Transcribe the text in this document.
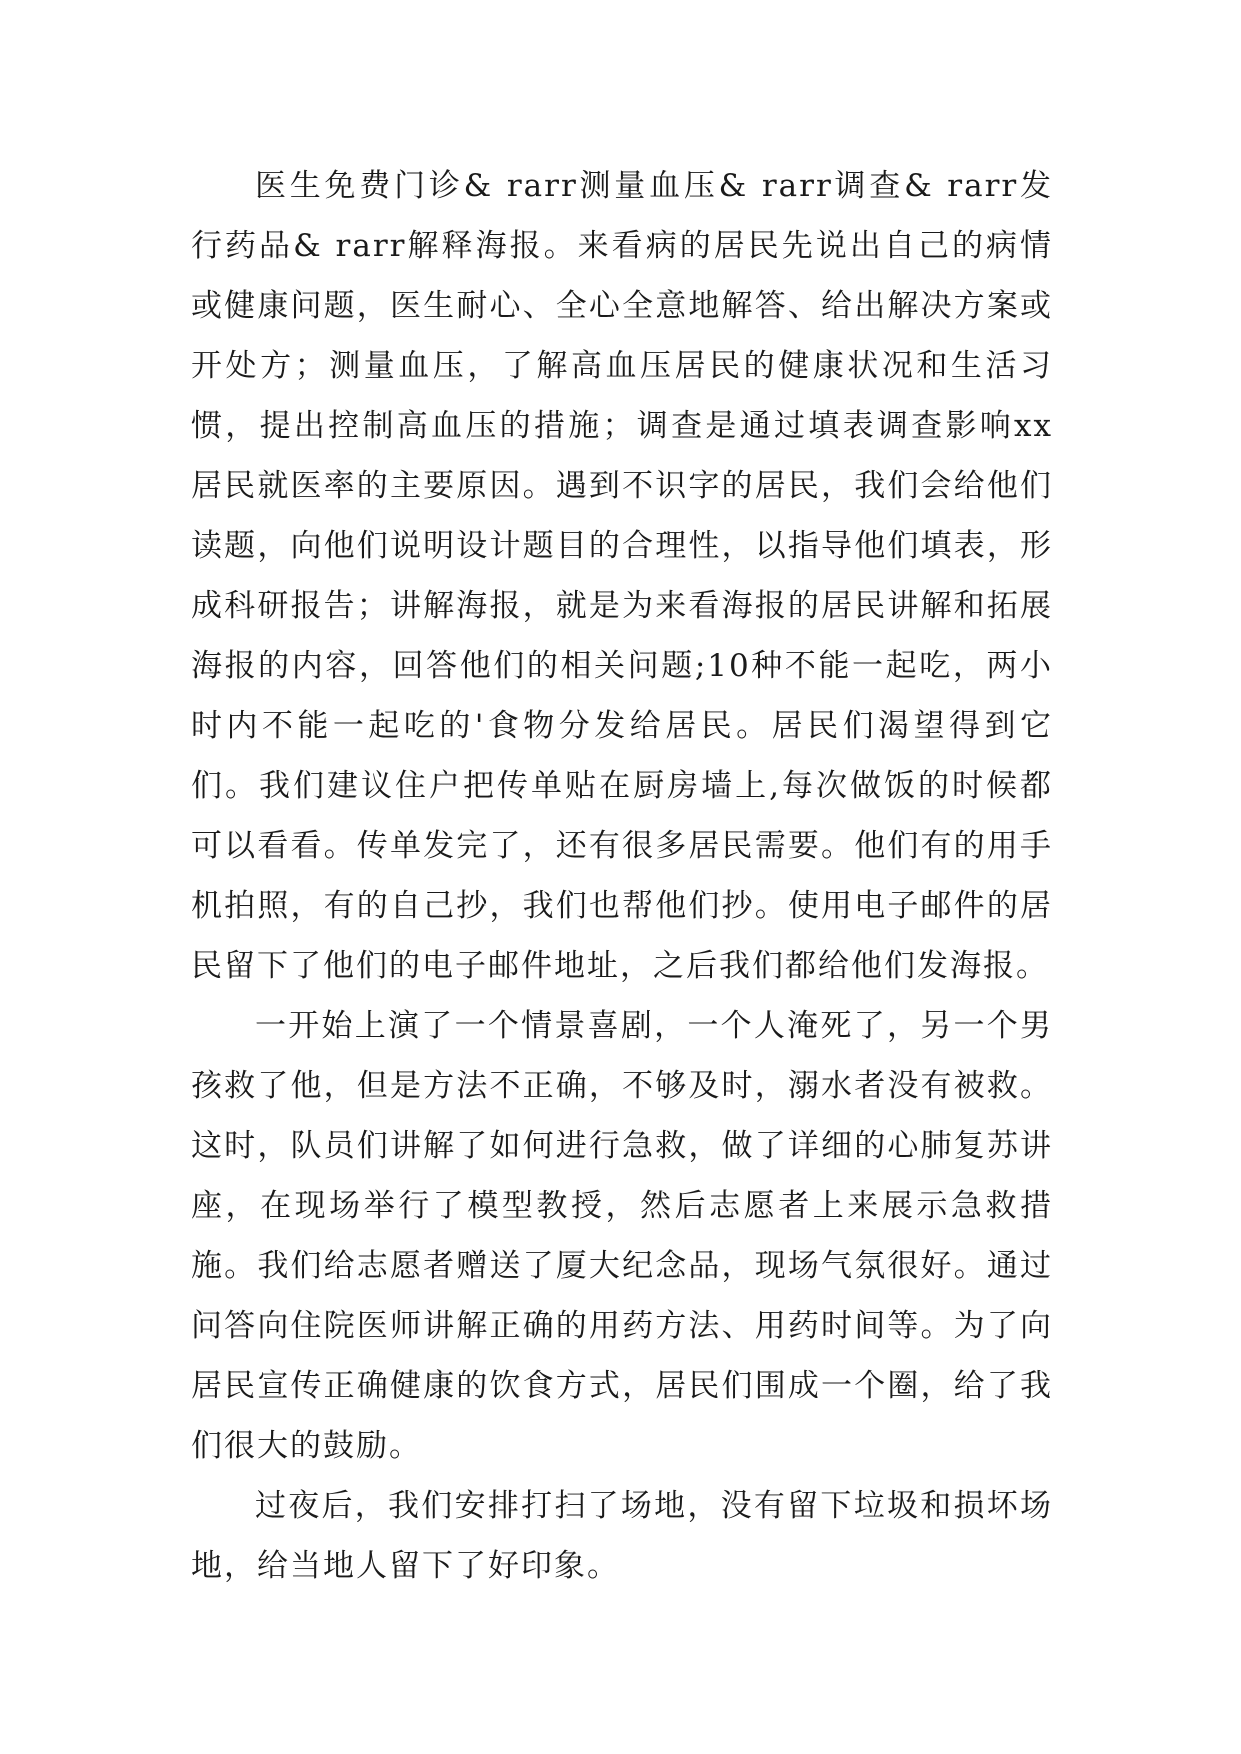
医生免费门诊& rarr测量血压& rarr调查& rarr发行药品& rarr解释海报。来看病的居民先说出自己的病情或健康问题，医生耐心、全心全意地解答、给出解决方案或开处方；测量血压，了解高血压居民的健康状况和生活习惯，提出控制高血压的措施；调查是通过填表调查影响xx居民就医率的主要原因。遇到不识字的居民，我们会给他们读题，向他们说明设计题目的合理性，以指导他们填表，形成科研报告；讲解海报，就是为来看海报的居民讲解和拓展海报的内容，回答他们的相关问题;10种不能一起吃，两小时内不能一起吃的'食物分发给居民。居民们渴望得到它们。我们建议住户把传单贴在厨房墙上,每次做饭的时候都可以看看。传单发完了，还有很多居民需要。他们有的用手机拍照，有的自己抄，我们也帮他们抄。使用电子邮件的居民留下了他们的电子邮件地址，之后我们都给他们发海报。

一开始上演了一个情景喜剧，一个人淹死了，另一个男孩救了他，但是方法不正确，不够及时，溺水者没有被救。这时，队员们讲解了如何进行急救，做了详细的心肺复苏讲座，在现场举行了模型教授，然后志愿者上来展示急救措施。我们给志愿者赠送了厦大纪念品，现场气氛很好。通过问答向住院医师讲解正确的用药方法、用药时间等。为了向居民宣传正确健康的饮食方式，居民们围成一个圈，给了我们很大的鼓励。

过夜后，我们安排打扫了场地，没有留下垃圾和损坏场地，给当地人留下了好印象。
